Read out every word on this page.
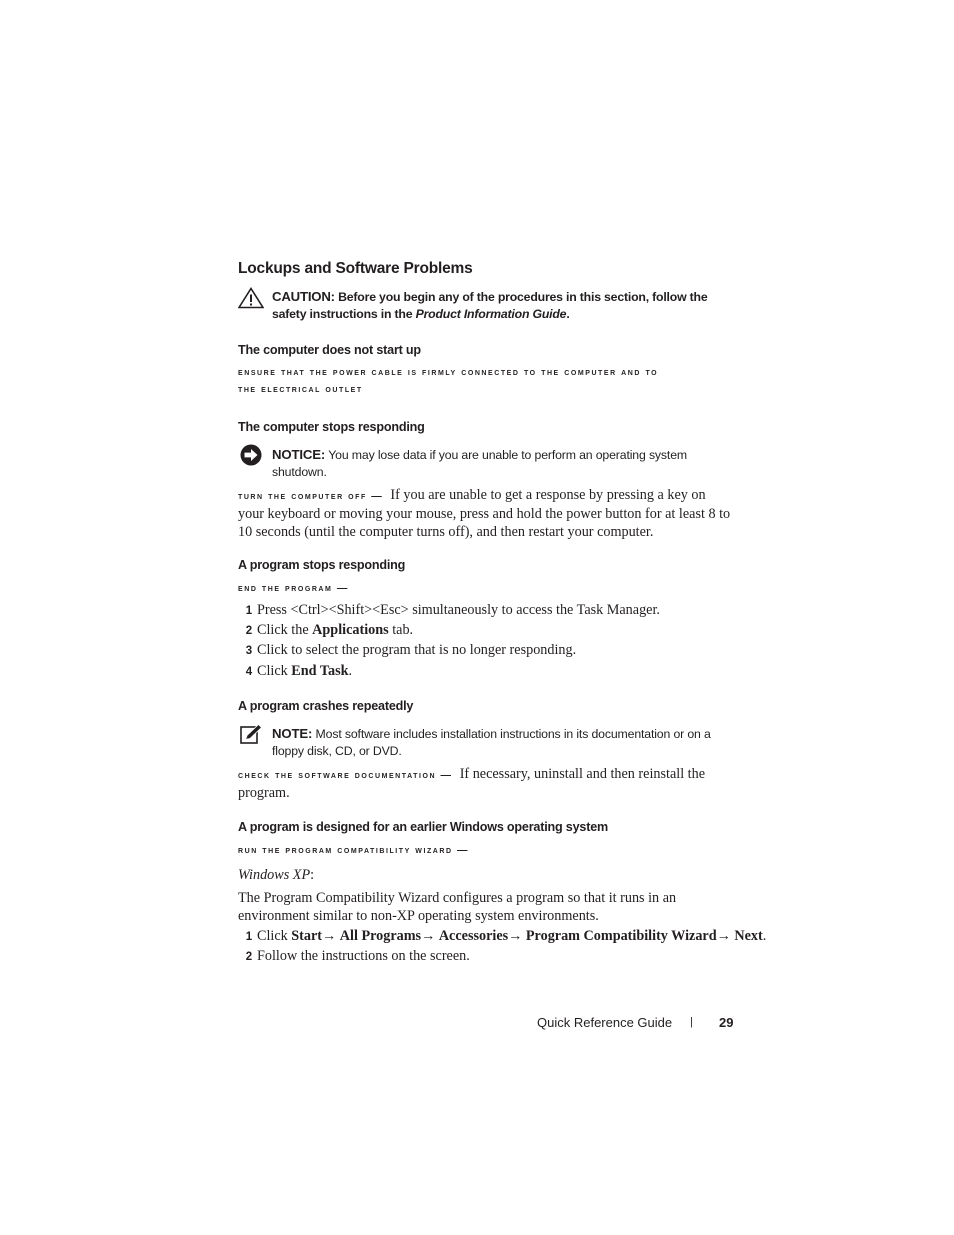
Lockups and Software Problems
CAUTION: Before you begin any of the procedures in this section, follow the safety instructions in the Product Information Guide.
The computer does not start up
ensure that the power cable is firmly connected to the computer and to
the electrical outlet
The computer stops responding
NOTICE: You may lose data if you are unable to perform an operating system shutdown.
turn the computer off — If you are unable to get a response by pressing a key on your keyboard or moving your mouse, press and hold the power button for at least 8 to 10 seconds (until the computer turns off), and then restart your computer.
A program stops responding
end the program —
1 Press <Ctrl><Shift><Esc> simultaneously to access the Task Manager.
2 Click the Applications tab.
3 Click to select the program that is no longer responding.
4 Click End Task.
A program crashes repeatedly
NOTE: Most software includes installation instructions in its documentation or on a floppy disk, CD, or DVD.
check the software documentation — If necessary, uninstall and then reinstall the program.
A program is designed for an earlier Windows operating system
run the program compatibility wizard —
Windows XP:
The Program Compatibility Wizard configures a program so that it runs in an environment similar to non-XP operating system environments.
1 Click Start→ All Programs→ Accessories→ Program Compatibility Wizard→ Next.
2 Follow the instructions on the screen.
Quick Reference Guide | 29
